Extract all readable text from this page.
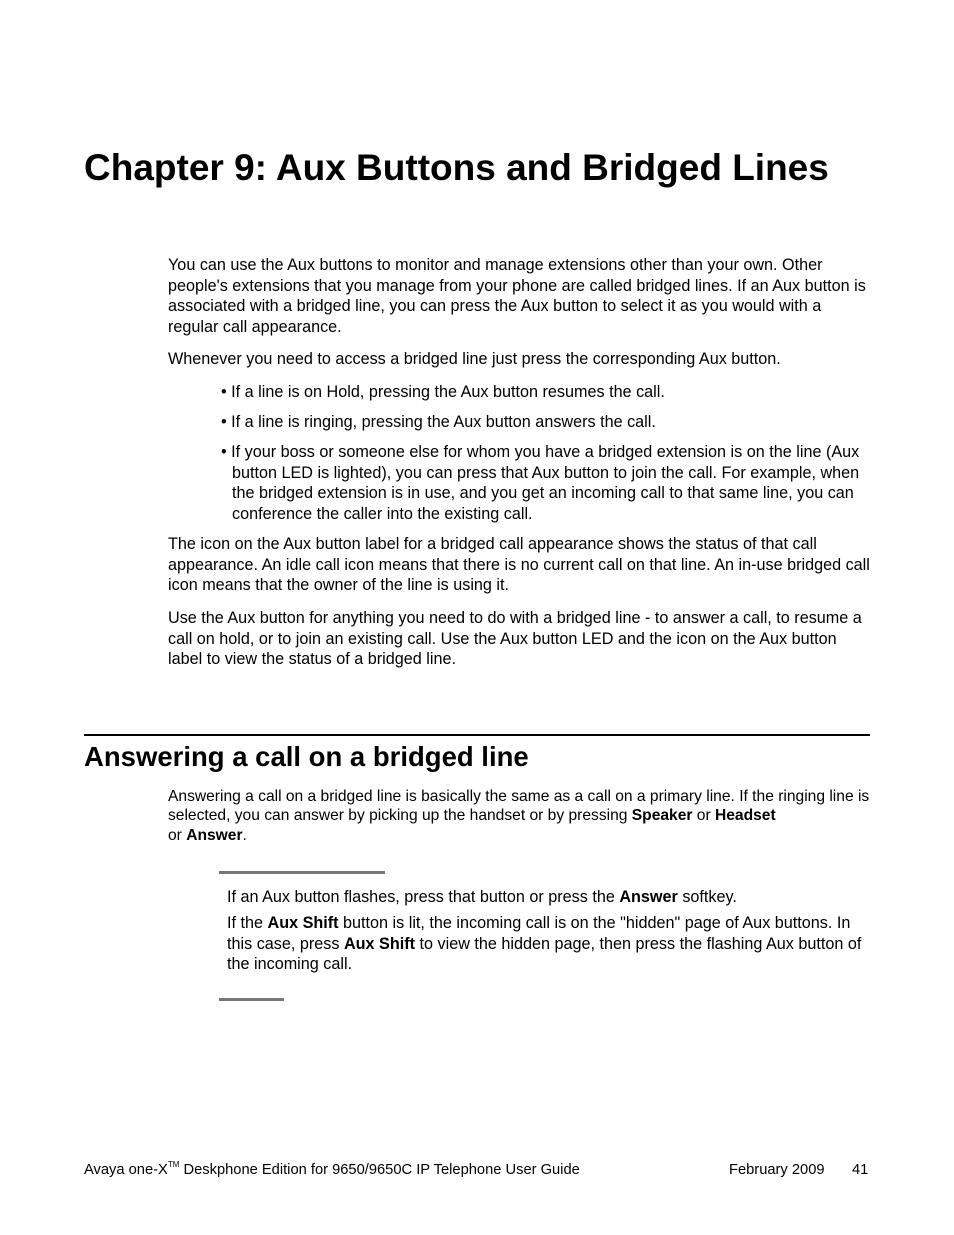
Chapter 9: Aux Buttons and Bridged Lines

You can use the Aux buttons to monitor and manage extensions other than your own. Other people's extensions that you manage from your phone are called bridged lines. If an Aux button is associated with a bridged line, you can press the Aux button to select it as you would with a regular call appearance.

Whenever you need to access a bridged line just press the corresponding Aux button.

• If a line is on Hold, pressing the Aux button resumes the call.

• If a line is ringing, pressing the Aux button answers the call.

• If your boss or someone else for whom you have a bridged extension is on the line (Aux button LED is lighted), you can press that Aux button to join the call. For example, when the bridged extension is in use, and you get an incoming call to that same line, you can conference the caller into the existing call.

The icon on the Aux button label for a bridged call appearance shows the status of that call appearance. An idle call icon means that there is no current call on that line. An in-use bridged call icon means that the owner of the line is using it.

Use the Aux button for anything you need to do with a bridged line - to answer a call, to resume a call on hold, or to join an existing call. Use the Aux button LED and the icon on the Aux button label to view the status of a bridged line.

Answering a call on a bridged line

Answering a call on a bridged line is basically the same as a call on a primary line. If the ringing line is selected, you can answer by picking up the handset or by pressing Speaker or Headset
or Answer.

If an Aux button flashes, press that button or press the Answer softkey.

If the Aux Shift button is lit, the incoming call is on the "hidden" page of Aux buttons. In this case, press Aux Shift to view the hidden page, then press the flashing Aux button of the incoming call.

Avaya one-X™ Deskphone Edition for 9650/9650C IP Telephone User Guide	February 2009 41
